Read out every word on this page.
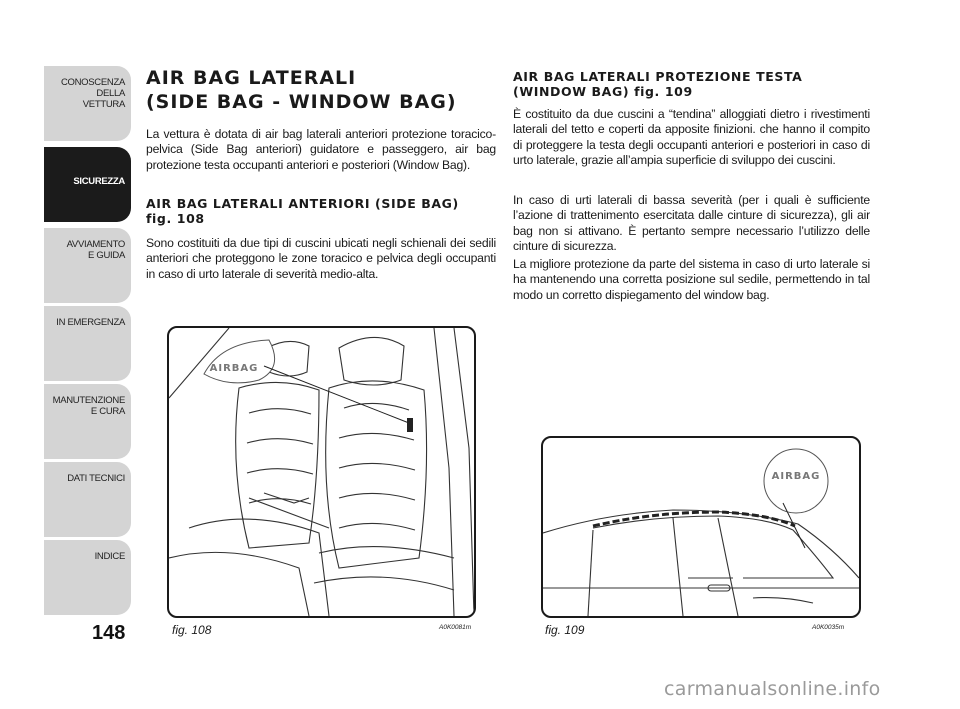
CONOSCENZA
DELLA
VETTURA
SICUREZZA
AVVIAMENTO
E GUIDA
IN EMERGENZA
MANUTENZIONE
E CURA
DATI TECNICI
INDICE
148
AIR BAG LATERALI
(SIDE BAG - WINDOW BAG)
La vettura è dotata di air bag laterali anteriori protezione toracico-pelvica (Side Bag anteriori) guidatore e passeggero, air bag protezione testa occupanti anteriori e posteriori (Window Bag).
AIR BAG LATERALI ANTERIORI (SIDE BAG)
fig. 108
Sono costituiti da due tipi di cuscini ubicati negli schienali dei sedili anteriori che proteggono le zone toracico e pelvica degli occupanti in caso di urto laterale di severità medio-alta.
AIR BAG LATERALI PROTEZIONE TESTA
(WINDOW BAG) fig. 109
È costituito da due cuscini a “tendina” alloggiati dietro i rivestimenti laterali del tetto e coperti da apposite finizioni. che hanno il compito di proteggere la testa degli occupanti anteriori e posteriori in caso di urto laterale, grazie all’ampia superficie di sviluppo dei cuscini.
In caso di urti laterali di bassa severità (per i quali è sufficiente l’azione di trattenimento esercitata dalle cinture di sicurezza), gli air bag non si attivano. È pertanto sempre necessario l’utilizzo delle cinture di sicurezza.
La migliore protezione da parte del sistema in caso di urto laterale si ha mantenendo una corretta posizione sul sedile, permettendo in tal modo un corretto dispiegamento del window bag.
AIRBAG
fig. 108	A0K0081m
AIRBAG
fig. 109	A0K0035m
carmanualsonline.info
